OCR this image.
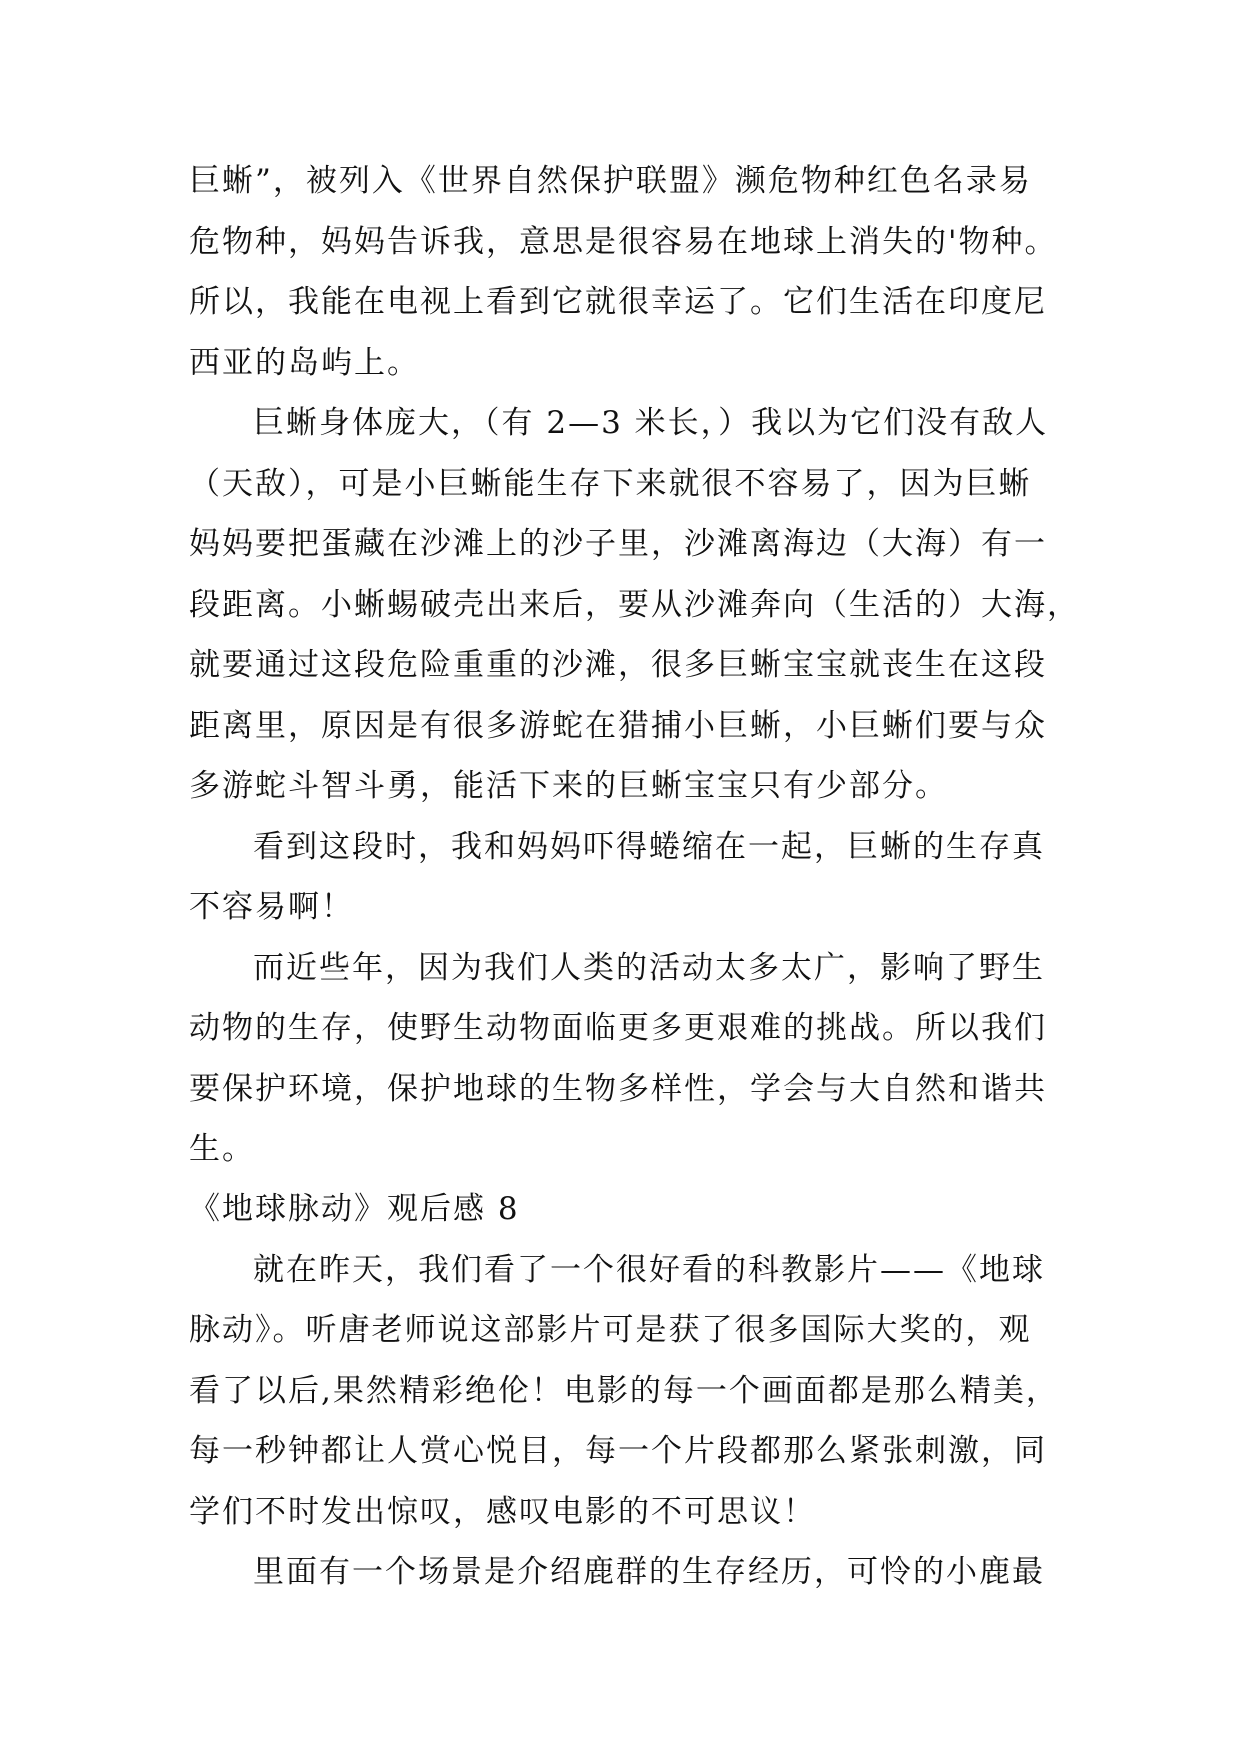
巨蜥”，被列入《世界自然保护联盟》濒危物种红色名录易
危物种，妈妈告诉我，意思是很容易在地球上消失的'物种。
所以，我能在电视上看到它就很幸运了。它们生活在印度尼
西亚的岛屿上。
巨蜥身体庞大，（有 2—3 米长，）我以为它们没有敌人
（天敌），可是小巨蜥能生存下来就很不容易了，因为巨蜥
妈妈要把蛋藏在沙滩上的沙子里，沙滩离海边（大海）有一
段距离。小蜥蜴破壳出来后，要从沙滩奔向（生活的）大海，
就要通过这段危险重重的沙滩，很多巨蜥宝宝就丧生在这段
距离里，原因是有很多游蛇在猎捕小巨蜥，小巨蜥们要与众
多游蛇斗智斗勇，能活下来的巨蜥宝宝只有少部分。
看到这段时，我和妈妈吓得蜷缩在一起，巨蜥的生存真
不容易啊！
而近些年，因为我们人类的活动太多太广，影响了野生
动物的生存，使野生动物面临更多更艰难的挑战。所以我们
要保护环境，保护地球的生物多样性，学会与大自然和谐共
生。
《地球脉动》观后感 8
就在昨天，我们看了一个很好看的科教影片——《地球
脉动》。听唐老师说这部影片可是获了很多国际大奖的，观
看了以后,果然精彩绝伦！电影的每一个画面都是那么精美，
每一秒钟都让人赏心悦目，每一个片段都那么紧张刺激，同
学们不时发出惊叹，感叹电影的不可思议！
里面有一个场景是介绍鹿群的生存经历，可怜的小鹿最
